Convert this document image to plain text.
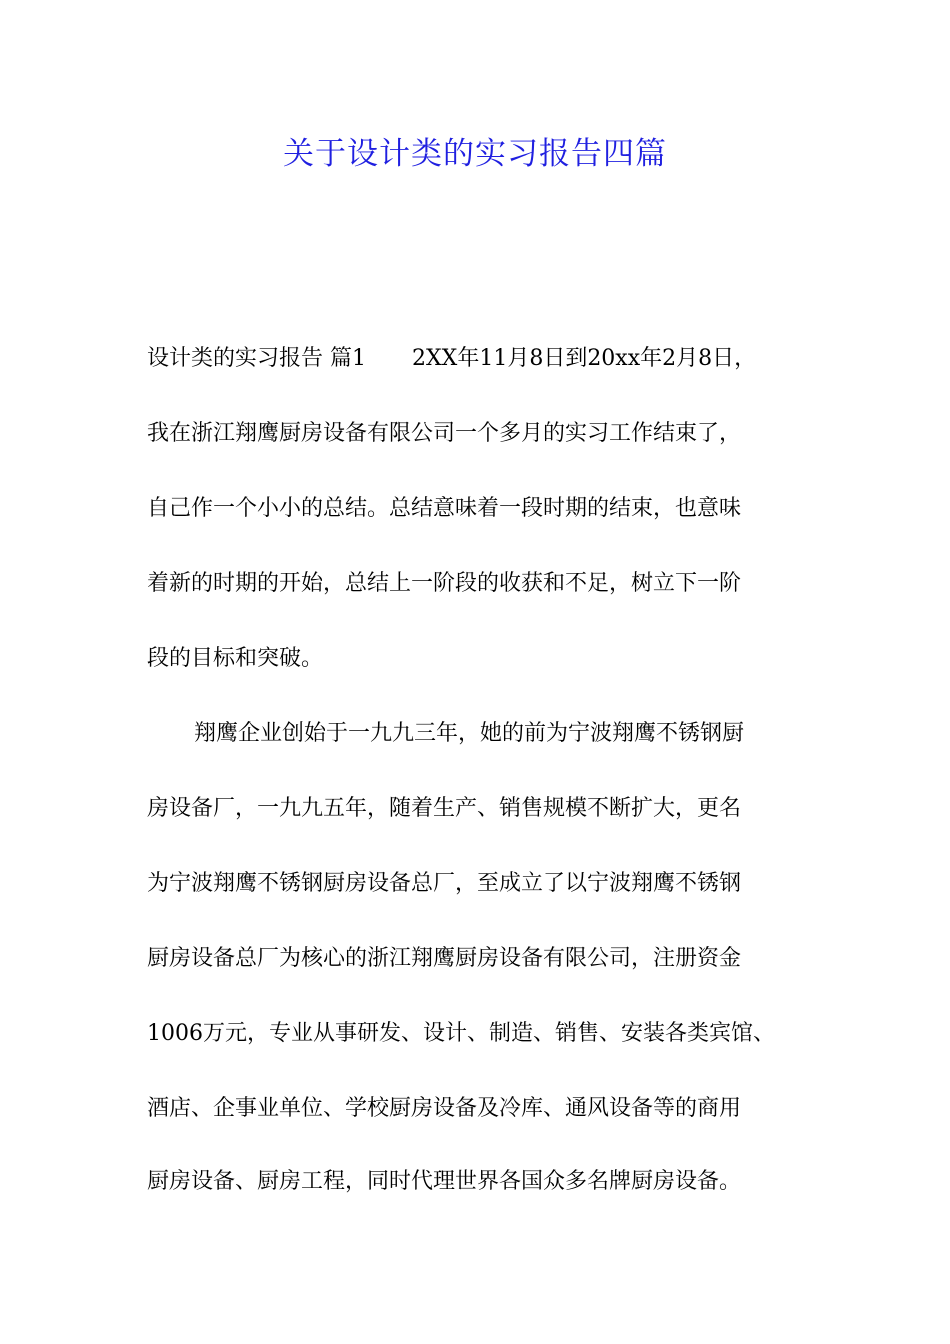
关于设计类的实习报告四篇

设计类的实习报告 篇1 2XX年11月8日到20xx年2月8日，

我在浙江翔鹰厨房设备有限公司一个多月的实习工作结束了，

自己作一个小小的总结。总结意味着一段时期的结束，也意味

着新的时期的开始，总结上一阶段的收获和不足，树立下一阶

段的目标和突破。

翔鹰企业创始于一九九三年，她的前为宁波翔鹰不锈钢厨

房设备厂，一九九五年，随着生产、销售规模不断扩大，更名

为宁波翔鹰不锈钢厨房设备总厂，至成立了以宁波翔鹰不锈钢

厨房设备总厂为核心的浙江翔鹰厨房设备有限公司，注册资金

1006万元，专业从事研发、设计、制造、销售、安装各类宾馆、

酒店、企事业单位、学校厨房设备及冷库、通风设备等的商用

厨房设备、厨房工程，同时代理世界各国众多名牌厨房设备。
